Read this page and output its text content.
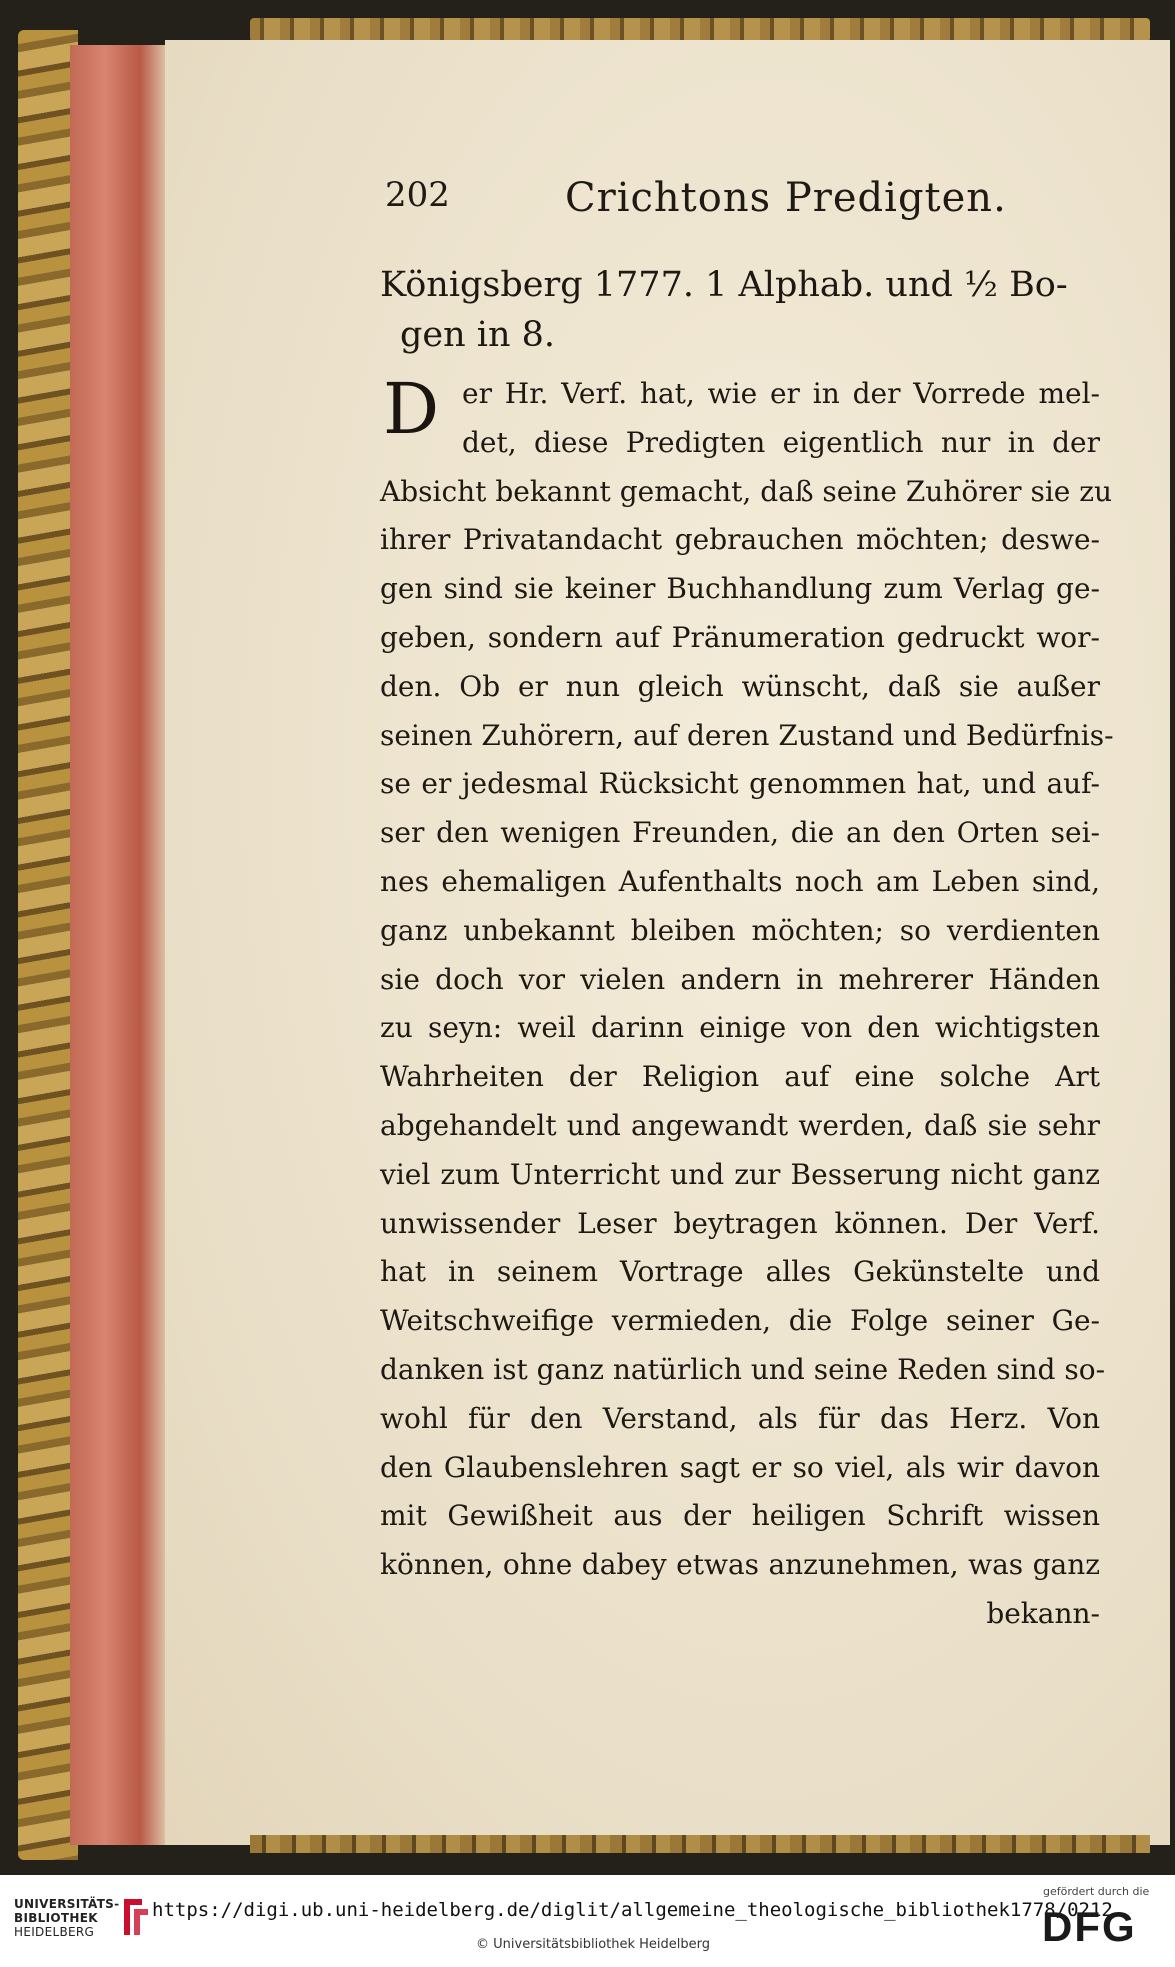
202	Crichtons Predigten.
Königsberg 1777. 1 Alphab. und ½ Bo-
gen in 8.
D er Hr. Verf. hat, wie er in der Vorrede mel-
det, diese Predigten eigentlich nur in der
Absicht bekannt gemacht, daß seine Zuhörer sie zu
ihrer Privatandacht gebrauchen möchten; deswe-
gen sind sie keiner Buchhandlung zum Verlag ge-
geben, sondern auf Pränumeration gedruckt wor-
den. Ob er nun gleich wünscht, daß sie außer
seinen Zuhörern, auf deren Zustand und Bedürfnis-
se er jedesmal Rücksicht genommen hat, und auf-
ser den wenigen Freunden, die an den Orten sei-
nes ehemaligen Aufenthalts noch am Leben sind,
ganz unbekannt bleiben möchten; so verdienten
sie doch vor vielen andern in mehrerer Händen
zu seyn: weil darinn einige von den wichtigsten
Wahrheiten der Religion auf eine solche Art
abgehandelt und angewandt werden, daß sie sehr
viel zum Unterricht und zur Besserung nicht ganz
unwissender Leser beytragen können. Der Verf.
hat in seinem Vortrage alles Gekünstelte und
Weitschweifige vermieden, die Folge seiner Ge-
danken ist ganz natürlich und seine Reden sind so-
wohl für den Verstand, als für das Herz. Von
den Glaubenslehren sagt er so viel, als wir davon
mit Gewißheit aus der heiligen Schrift wissen
können, ohne dabey etwas anzunehmen, was ganz
bekann-
UNIVERSITÄTS-
BIBLIOTHEK
HEIDELBERG
https://digi.ub.uni-heidelberg.de/diglit/allgemeine_theologische_bibliothek1778/0212
© Universitätsbibliothek Heidelberg
gefördert durch die
DFG
